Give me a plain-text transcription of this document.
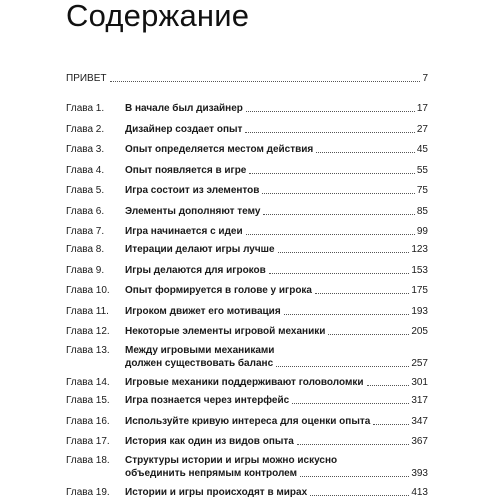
Содержание
ПРИВЕТ	7
Глава 1. В начале был дизайнер	17
Глава 2. Дизайнер создает опыт	27
Глава 3. Опыт определяется местом действия	45
Глава 4. Опыт появляется в игре	55
Глава 5. Игра состоит из элементов	75
Глава 6. Элементы дополняют тему	85
Глава 7. Игра начинается с идеи	99
Глава 8. Итерации делают игры лучше	123
Глава 9. Игры делаются для игроков	153
Глава 10. Опыт формируется в голове у игрока	175
Глава 11. Игроком движет его мотивация	193
Глава 12. Некоторые элементы игровой механики	205
Глава 13. Между игровыми механиками
должен существовать баланс	257
Глава 14. Игровые механики поддерживают головоломки	301
Глава 15. Игра познается через интерфейс	317
Глава 16. Используйте кривую интереса для оценки опыта	347
Глава 17. История как один из видов опыта	367
Глава 18. Структуры истории и игры можно искусно
объединить непрямым контролем	393
Глава 19. Истории и игры происходят в мирах	413
